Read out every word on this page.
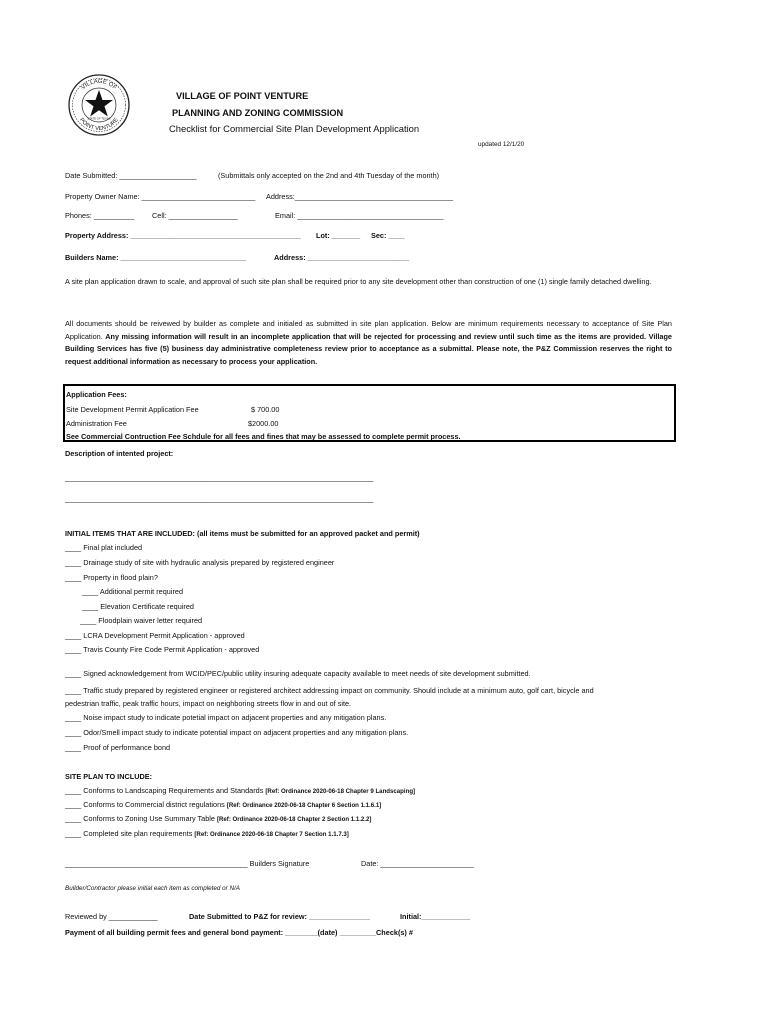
VILLAGE OF
POINT VENTURE
STATE OF TEXAS
VILLAGE OF POINT VENTURE
PLANNING AND ZONING COMMISSION
Checklist for Commercial Site Plan Development Application
updated 12/1/20
Date Submitted: ___________________	(Submittals only accepted on the 2nd and 4th Tuesday of the month)
Property Owner Name: ____________________________ Address:_______________________________________
Phones: __________ Cell: _________________	Email: ____________________________________
Property Address: __________________________________________ Lot: _______ Sec: ____
Builders Name: _______________________________	Address: _________________________
A site plan application drawn to scale, and approval of such site plan shall be required prior to any site development other than construction of one (1) single family detached dwelling.
All documents should be reivewed by builder as complete and initialed as submitted in site plan application. Below are minimum requirements necessary to acceptance of Site Plan Application. Any missing information will result in an incomplete application that will be rejected for processing and review until such time as the items are provided. Village Building Services has five (5) business day administrative completeness review prior to acceptance as a submittal. Please note, the P&Z Commission reserves the right to request additional information as necessary to process your application.
Application Fees:
Site Development Permit Application Fee	$ 700.00
Administration Fee	$2000.00
See Commercial Contruction Fee Schdule for all fees and fines that may be assessed to complete permit process.
Description of intented project:
____________________________________________________________________________
____________________________________________________________________________
INITIAL ITEMS THAT ARE INCLUDED: (all items must be submitted for an approved packet and permit)
____ Final plat included
____ Drainage study of site with hydraulic analysis prepared by registered engineer
____ Property in flood plain?
____ Additional permit required
____ Elevation Certificate required
____ Floodplain waiver letter required
____ LCRA Development Permit Application - approved
____ Travis County Fire Code Permit Application - approved
____ Signed acknowledgement from WCID/PEC/public utility insuring adequate capacity available to meet needs of site development submitted.
____ Traffic study prepared by registered engineer or registered architect addressing impact on community. Should include at a minimum auto, golf cart, bicycle and
pedestrian traffic, peak traffic hours, impact on neighboring streets flow in and out of site.
____ Noise impact study to indicate potetial impact on adjacent properties and any mitigation plans.
____ Odor/Smell impact study to indicate potential impact on adjacent properties and any mitigation plans.
____ Proof of performance bond
SITE PLAN TO INCLUDE:
____ Conforms to Landscaping Requirements and Standards [Ref: Ordinance 2020-06-18 Chapter 9 Landscaping]
____ Conforms to Commercial district regulations [Ref: Ordinance 2020-06-18 Chapter 6 Section 1.1.6.1]
____ Conforms to Zoning Use Summary Table [Ref: Ordinance 2020-06-18 Chapter 2 Section 1.1.2.2]
____ Completed site plan requirements [Ref: Ordinance 2020-06-18 Chapter 7 Section 1.1.7.3]
_____________________________________________ Builders Signature	Date: _______________________
Builder/Contractor please initial each item as completed or N/A
Reviewed by ____________	Date Submitted to P&Z for review: _______________	Initial:____________
Payment of all building permit fees and general bond payment: ________(date) _________Check(s) #
